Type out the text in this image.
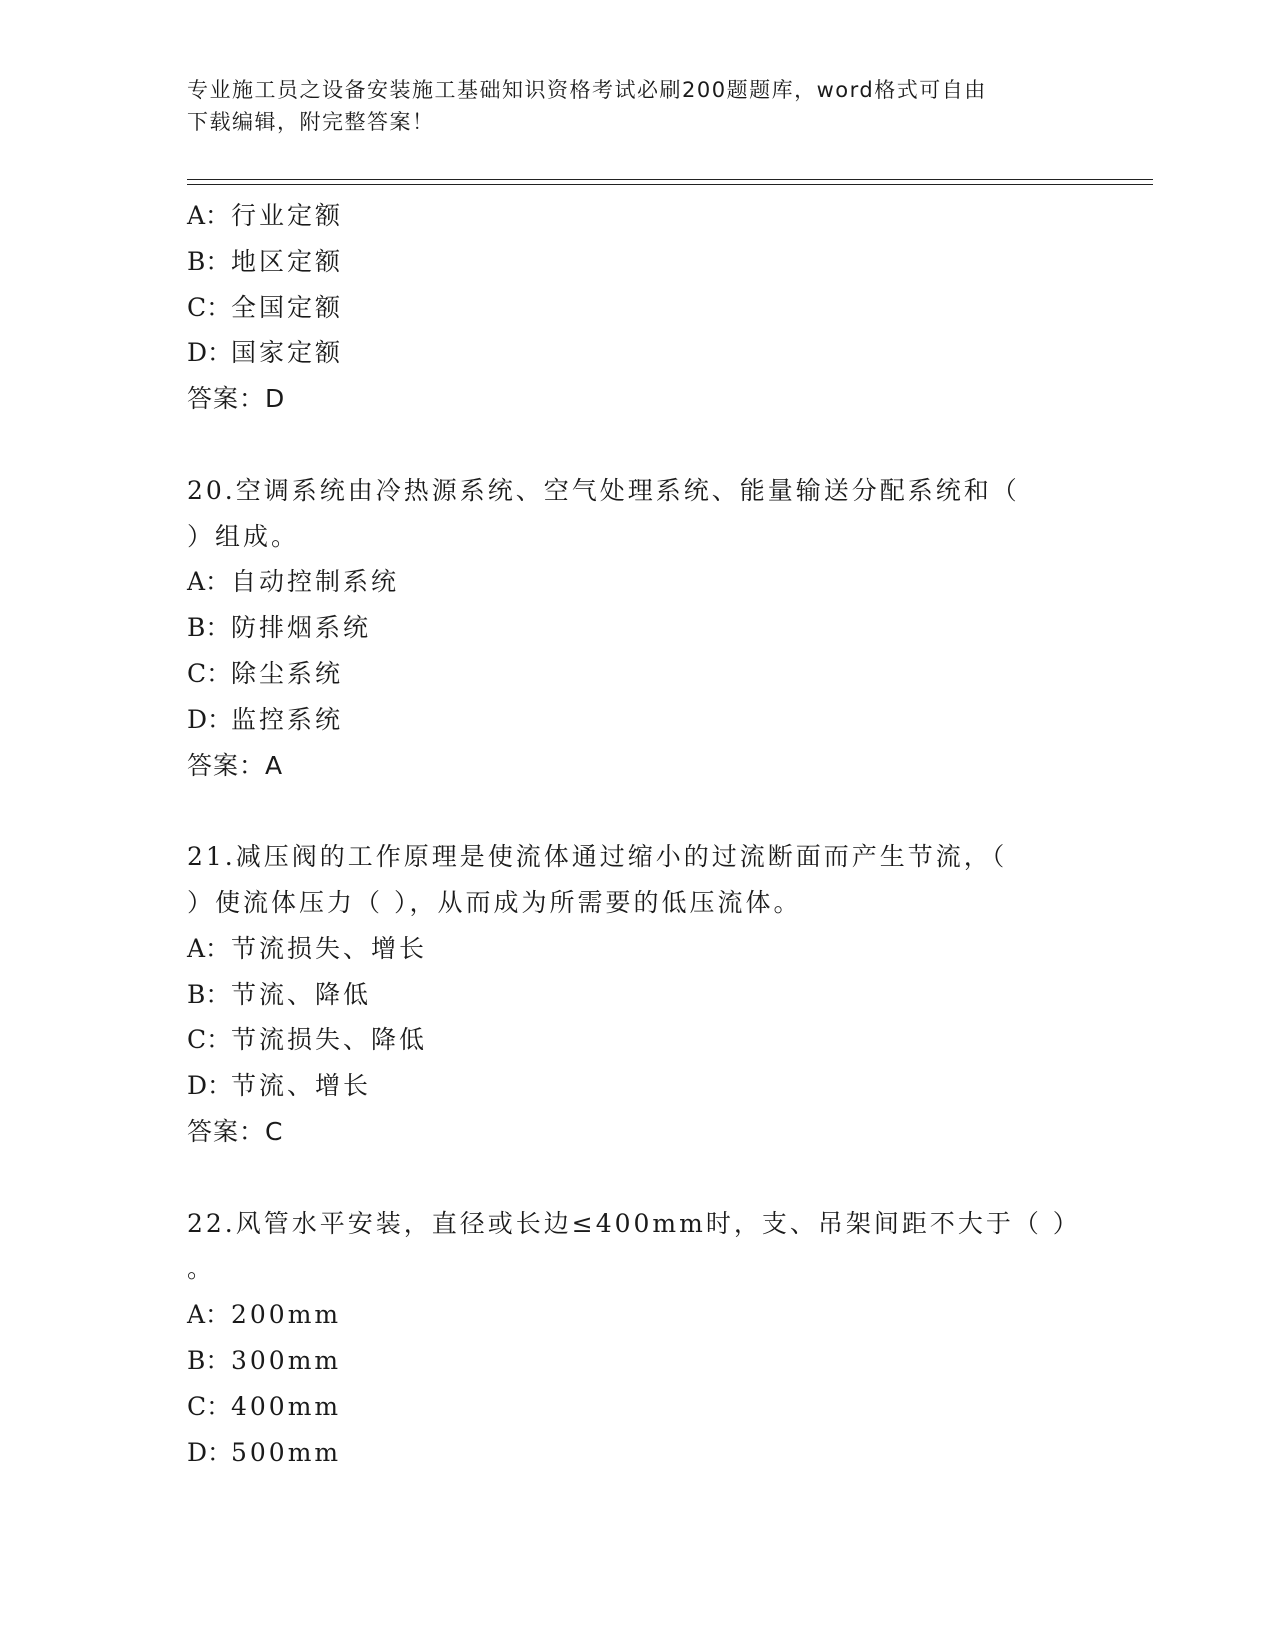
专业施工员之设备安装施工基础知识资格考试必刷200题题库，word格式可自由
下载编辑，附完整答案！
A：行业定额
B：地区定额
C：全国定额
D：国家定额
答案：D
20.空调系统由冷热源系统、空气处理系统、能量输送分配系统和（
）组成。
A：自动控制系统
B：防排烟系统
C：除尘系统
D：监控系统
答案：A
21.减压阀的工作原理是使流体通过缩小的过流断面而产生节流，（
）使流体压力（ ），从而成为所需要的低压流体。
A：节流损失、增长
B：节流、降低
C：节流损失、降低
D：节流、增长
答案：C
22.风管水平安装，直径或长边≤400mm时，支、吊架间距不大于（ ）
。
A：200mm
B：300mm
C：400mm
D：500mm
